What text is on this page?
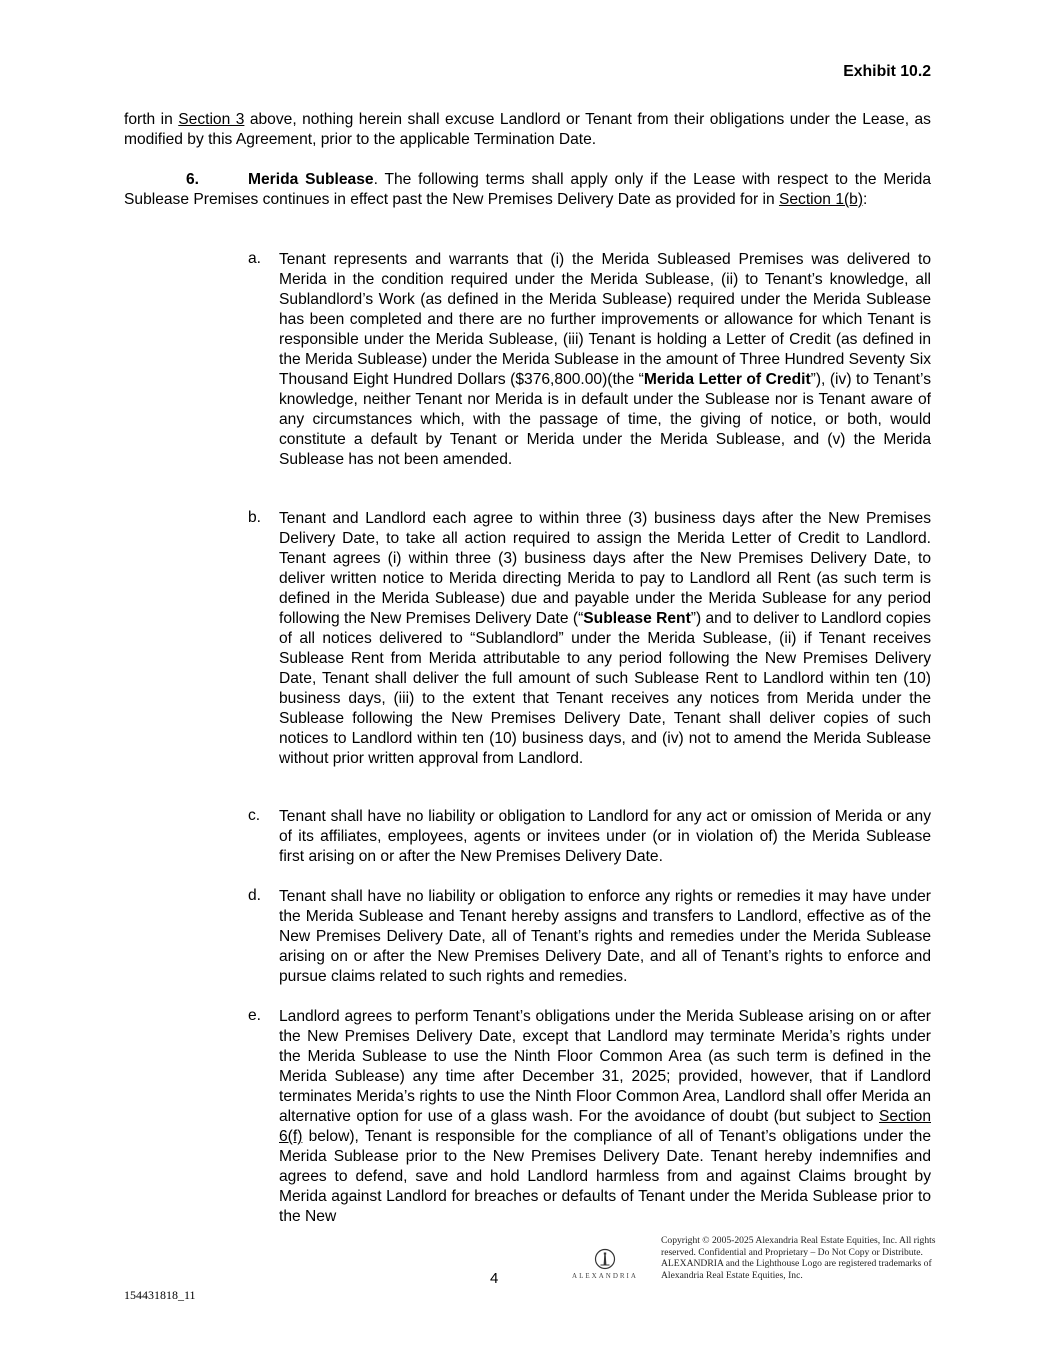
Exhibit 10.2
forth in Section 3 above, nothing herein shall excuse Landlord or Tenant from their obligations under the Lease, as modified by this Agreement, prior to the applicable Termination Date.
6.	Merida Sublease. The following terms shall apply only if the Lease with respect to the Merida Sublease Premises continues in effect past the New Premises Delivery Date as provided for in Section 1(b):
a.	Tenant represents and warrants that (i) the Merida Subleased Premises was delivered to Merida in the condition required under the Merida Sublease, (ii) to Tenant’s knowledge, all Sublandlord’s Work (as defined in the Merida Sublease) required under the Merida Sublease has been completed and there are no further improvements or allowance for which Tenant is responsible under the Merida Sublease, (iii) Tenant is holding a Letter of Credit (as defined in the Merida Sublease) under the Merida Sublease in the amount of Three Hundred Seventy Six Thousand Eight Hundred Dollars ($376,800.00)(the “Merida Letter of Credit”), (iv) to Tenant’s knowledge, neither Tenant nor Merida is in default under the Sublease nor is Tenant aware of any circumstances which, with the passage of time, the giving of notice, or both, would constitute a default by Tenant or Merida under the Merida Sublease, and (v) the Merida Sublease has not been amended.
b.	Tenant and Landlord each agree to within three (3) business days after the New Premises Delivery Date, to take all action required to assign the Merida Letter of Credit to Landlord. Tenant agrees (i) within three (3) business days after the New Premises Delivery Date, to deliver written notice to Merida directing Merida to pay to Landlord all Rent (as such term is defined in the Merida Sublease) due and payable under the Merida Sublease for any period following the New Premises Delivery Date (“Sublease Rent”) and to deliver to Landlord copies of all notices delivered to “Sublandlord” under the Merida Sublease, (ii) if Tenant receives Sublease Rent from Merida attributable to any period following the New Premises Delivery Date, Tenant shall deliver the full amount of such Sublease Rent to Landlord within ten (10) business days, (iii) to the extent that Tenant receives any notices from Merida under the Sublease following the New Premises Delivery Date, Tenant shall deliver copies of such notices to Landlord within ten (10) business days, and (iv) not to amend the Merida Sublease without prior written approval from Landlord.
c.	Tenant shall have no liability or obligation to Landlord for any act or omission of Merida or any of its affiliates, employees, agents or invitees under (or in violation of) the Merida Sublease first arising on or after the New Premises Delivery Date.
d.	Tenant shall have no liability or obligation to enforce any rights or remedies it may have under the Merida Sublease and Tenant hereby assigns and transfers to Landlord, effective as of the New Premises Delivery Date, all of Tenant’s rights and remedies under the Merida Sublease arising on or after the New Premises Delivery Date, and all of Tenant’s rights to enforce and pursue claims related to such rights and remedies.
e.	Landlord agrees to perform Tenant’s obligations under the Merida Sublease arising on or after the New Premises Delivery Date, except that Landlord may terminate Merida’s rights under the Merida Sublease to use the Ninth Floor Common Area (as such term is defined in the Merida Sublease) any time after December 31, 2025; provided, however, that if Landlord terminates Merida’s rights to use the Ninth Floor Common Area, Landlord shall offer Merida an alternative option for use of a glass wash. For the avoidance of doubt (but subject to Section 6(f) below), Tenant is responsible for the compliance of all of Tenant’s obligations under the Merida Sublease prior to the New Premises Delivery Date. Tenant hereby indemnifies and agrees to defend, save and hold Landlord harmless from and against Claims brought by Merida against Landlord for breaches or defaults of Tenant under the Merida Sublease prior to the New
4	ALEXANDRIA
Copyright © 2005-2025 Alexandria Real Estate Equities, Inc. All rights reserved. Confidential and Proprietary – Do Not Copy or Distribute. ALEXANDRIA and the Lighthouse Logo are registered trademarks of Alexandria Real Estate Equities, Inc.
154431818_11
